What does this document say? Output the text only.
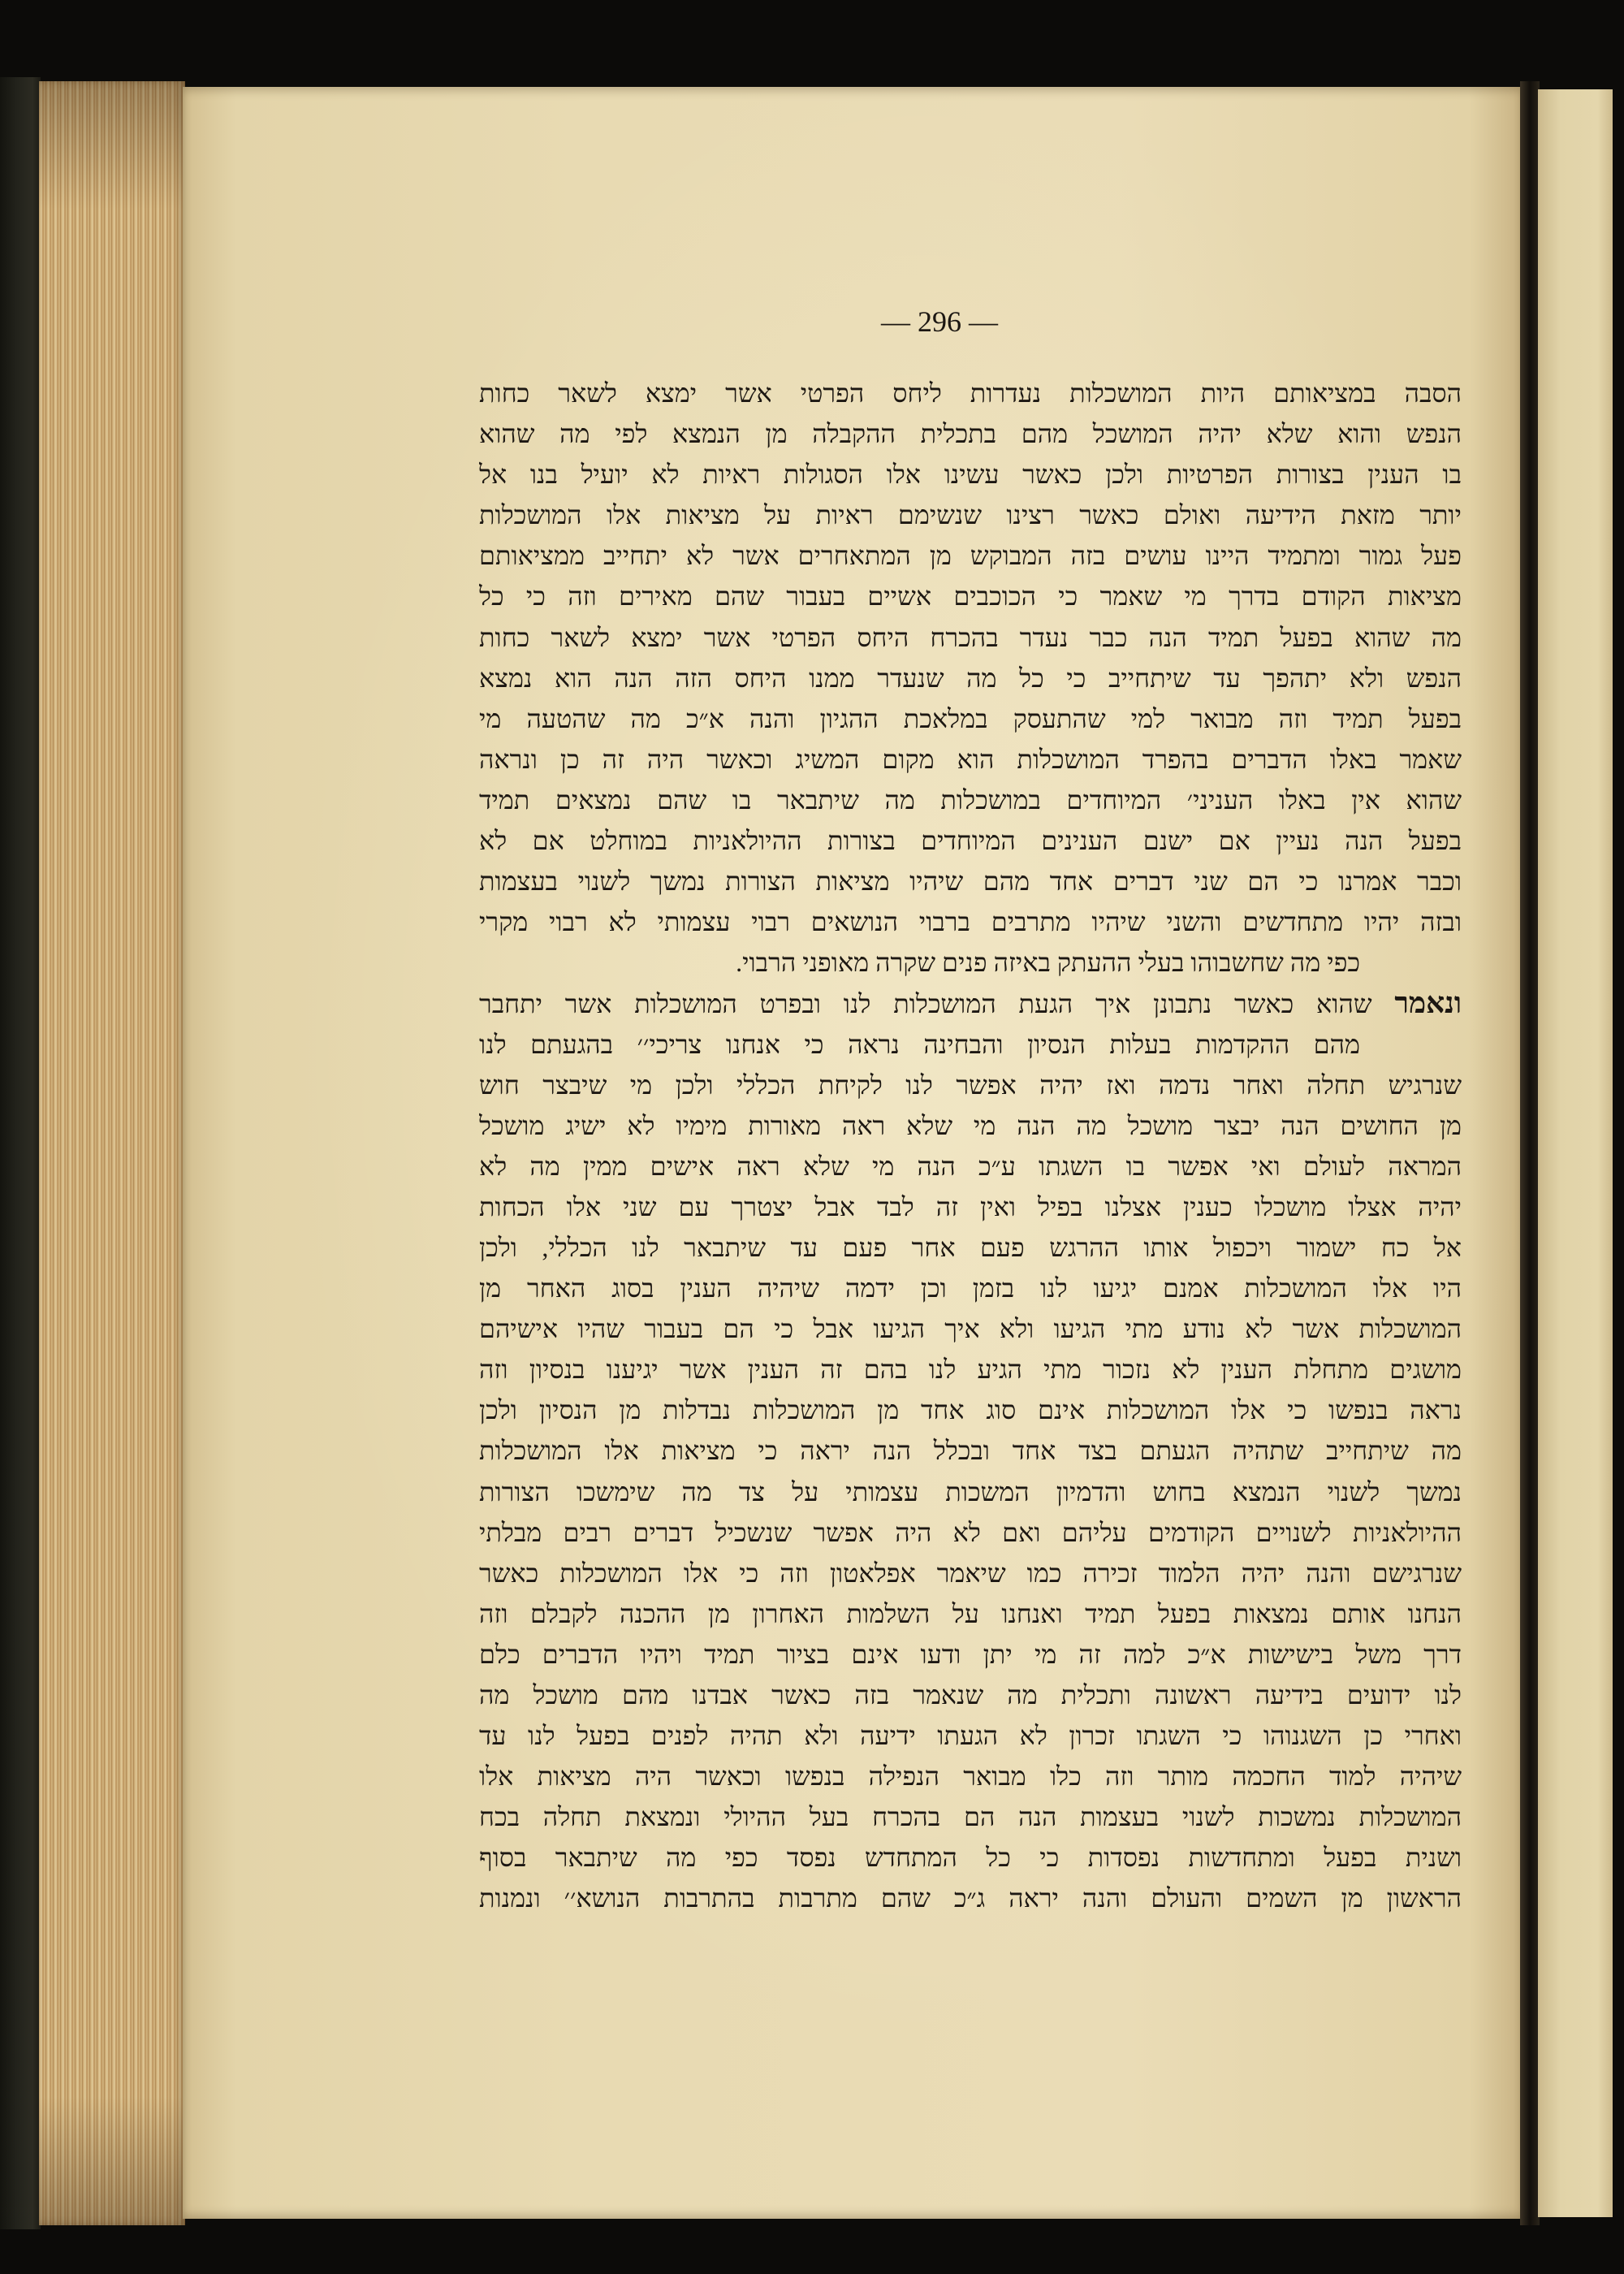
— 296 —
הסבה במציאותם היות המושכלות נעדרות ליחס הפרטי אשר ימצא לשאר כחות
הנפש והוא שלא יהיה המושכל מהם בתכלית ההקבלה מן הנמצא לפי מה שהוא
בו הענין בצורות הפרטיות ולכן כאשר עשינו אלו הסגולות ראיות לא יועיל בנו אל
יותר מזאת הידיעה ואולם כאשר רצינו שנשימם ראיות על מציאות אלו המושכלות
פעל גמור ומתמיד היינו עושים בזה המבוקש מן המתאחרים אשר לא יתחייב ממציאותם
מציאות הקודם בדרך מי שאמר כי הכוכבים אשיים בעבור שהם מאירים וזה כי כל
מה שהוא בפעל תמיד הנה כבר נעדר בהכרח היחס הפרטי אשר ימצא לשאר כחות
הנפש ולא יתהפך עד שיתחייב כי כל מה שנעדר ממנו היחס הזה הנה הוא נמצא
בפעל תמיד וזה מבואר למי שהתעסק במלאכת ההגיון והנה א״כ מה שהטעה מי
שאמר באלו הדברים בהפרד המושכלות הוא מקום המשיג וכאשר היה זה כן ונראה
שהוא אין באלו העניני׳ המיוחדים במושכלות מה שיתבאר בו שהם נמצאים תמיד
בפעל הנה נעיין אם ישנם הענינים המיוחדים בצורות ההיולאניות במוחלט אם לא
וכבר אמרנו כי הם שני דברים אחד מהם שיהיו מציאות הצורות נמשך לשנוי בעצמות
ובזה יהיו מתחדשים והשני שיהיו מתרבים ברבוי הנושאים רבוי עצמותי לא רבוי מקרי
כפי מה שחשבוהו בעלי ההעתק באיזה פנים שקרה מאופני הרבוי.
ונאמר שהוא כאשר נתבונן איך הגעת המושכלות לנו ובפרט המושכלות אשר יתחבר
מהם ההקדמות בעלות הנסיון והבחינה נראה כי אנחנו צריכי׳׳ בהגעתם לנו
שנרגיש תחלה ואחר נדמה ואז יהיה אפשר לנו לקיחת הכללי ולכן מי שיבצר חוש
מן החושים הנה יבצר מושכל מה הנה מי שלא ראה מאורות מימיו לא ישיג מושכל
המראה לעולם ואי אפשר בו השגתו ע״כ הנה מי שלא ראה אישים ממין מה לא
יהיה אצלו מושכלו כענין אצלנו בפיל ואין זה לבד אבל יצטרך עם שני אלו הכחות
אל כח ישמור ויכפול אותו ההרגש פעם אחר פעם עד שיתבאר לנו הכללי, ולכן
היו אלו המושכלות אמנם יגיעו לנו בזמן וכן ידמה שיהיה הענין בסוג האחר מן
המושכלות אשר לא נודע מתי הגיעו ולא איך הגיעו אבל כי הם בעבור שהיו אישיהם
מושגים מתחלת הענין לא נזכור מתי הגיע לנו בהם זה הענין אשר יגיענו בנסיון וזה
נראה בנפשו כי אלו המושכלות אינם סוג אחד מן המושכלות נבדלות מן הנסיון ולכן
מה שיתחייב שתהיה הגעתם בצד אחד ובכלל הנה יראה כי מציאות אלו המושכלות
נמשך לשנוי הנמצא בחוש והדמיון המשכות עצמותי על צד מה שימשכו הצורות
ההיולאניות לשנויים הקודמים עליהם ואם לא היה אפשר שנשכיל דברים רבים מבלתי
שנרגישם והנה יהיה הלמוד זכירה כמו שיאמר אפלאטון וזה כי אלו המושכלות כאשר
הנחנו אותם נמצאות בפעל תמיד ואנחנו על השלמות האחרון מן ההכנה לקבלם וזה
דרך משל בישישות א״כ למה זה מי יתן ודעו אינם בציור תמיד ויהיו הדברים כלם
לנו ידועים בידיעה ראשונה ותכלית מה שנאמר בזה כאשר אבדנו מהם מושכל מה
ואחרי כן השגנוהו כי השגתו זכרון לא הגעתו ידיעה ולא תהיה לפנים בפעל לנו עד
שיהיה למוד החכמה מותר וזה כלו מבואר הנפילה בנפשו וכאשר היה מציאות אלו
המושכלות נמשכות לשנוי בעצמות הנה הם בהכרח בעל ההיולי ונמצאת תחלה בכח
ושנית בפעל ומתחדשות נפסדות כי כל המתחדש נפסד כפי מה שיתבאר בסוף
הראשון מן השמים והעולם והנה יראה ג״כ שהם מתרבות בהתרבות הנושא׳׳ ונמנות
